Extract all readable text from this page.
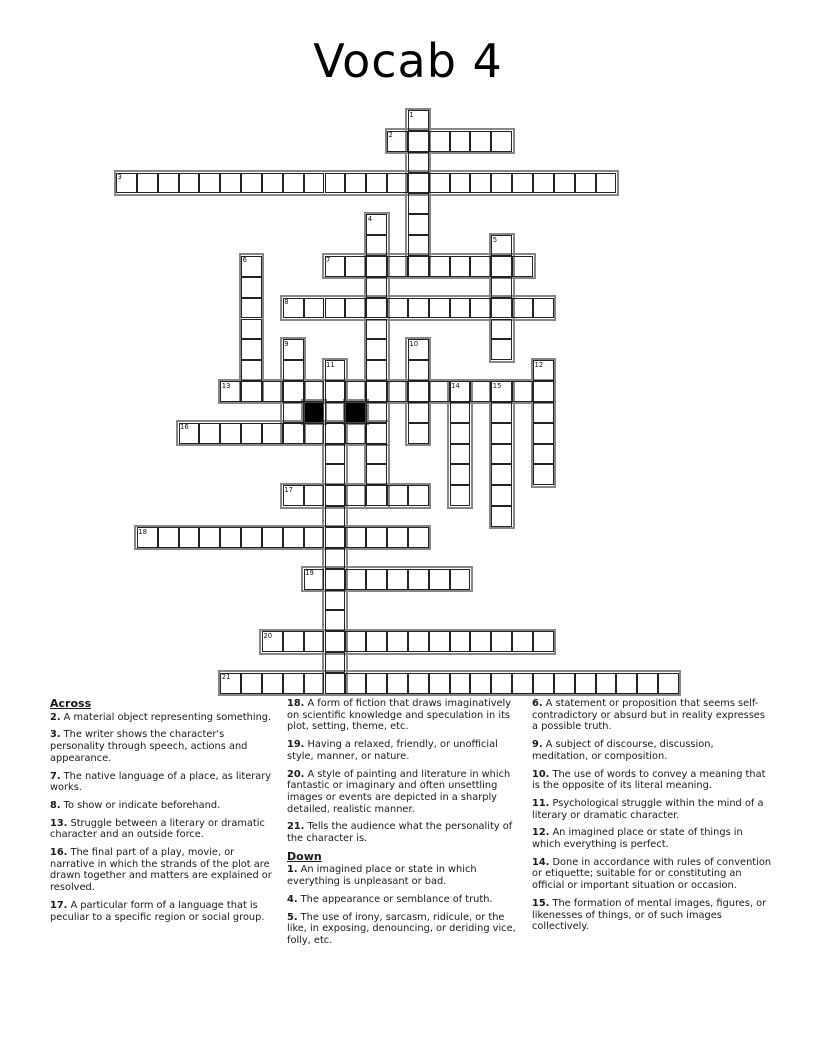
Vocab 4
1
2
3
4
5
6	7
8
9	10
11	12
13	14	15
16
17
18
19
20
21
Across

2. A material object representing something.

3. The writer shows the character's personality through speech, actions and appearance.

7. The native language of a place, as literary works.

8. To show or indicate beforehand.

13. Struggle between a literary or dramatic character and an outside force.

16. The final part of a play, movie, or narrative in which the strands of the plot are drawn together and matters are explained or resolved.

17. A particular form of a language that is peculiar to a specific region or social group.

18. A form of fiction that draws imaginatively on scientific knowledge and speculation in its plot, setting, theme, etc.

19. Having a relaxed, friendly, or unofficial style, manner, or nature.

20. A style of painting and literature in which fantastic or imaginary and often unsettling images or events are depicted in a sharply detailed, realistic manner.

21. Tells the audience what the personality of the character is.

Down

1. An imagined place or state in which everything is unpleasant or bad.

4. The appearance or semblance of truth.

5. The use of irony, sarcasm, ridicule, or the like, in exposing, denouncing, or deriding vice, folly, etc.

6. A statement or proposition that seems self-contradictory or absurd but in reality expresses a possible truth.

9. A subject of discourse, discussion, meditation, or composition.

10. The use of words to convey a meaning that is the opposite of its literal meaning.

11. Psychological struggle within the mind of a literary or dramatic character.

12. An imagined place or state of things in which everything is perfect.

14. Done in accordance with rules of convention or etiquette; suitable for or constituting an official or important situation or occasion.

15. The formation of mental images, figures, or likenesses of things, or of such images collectively.
